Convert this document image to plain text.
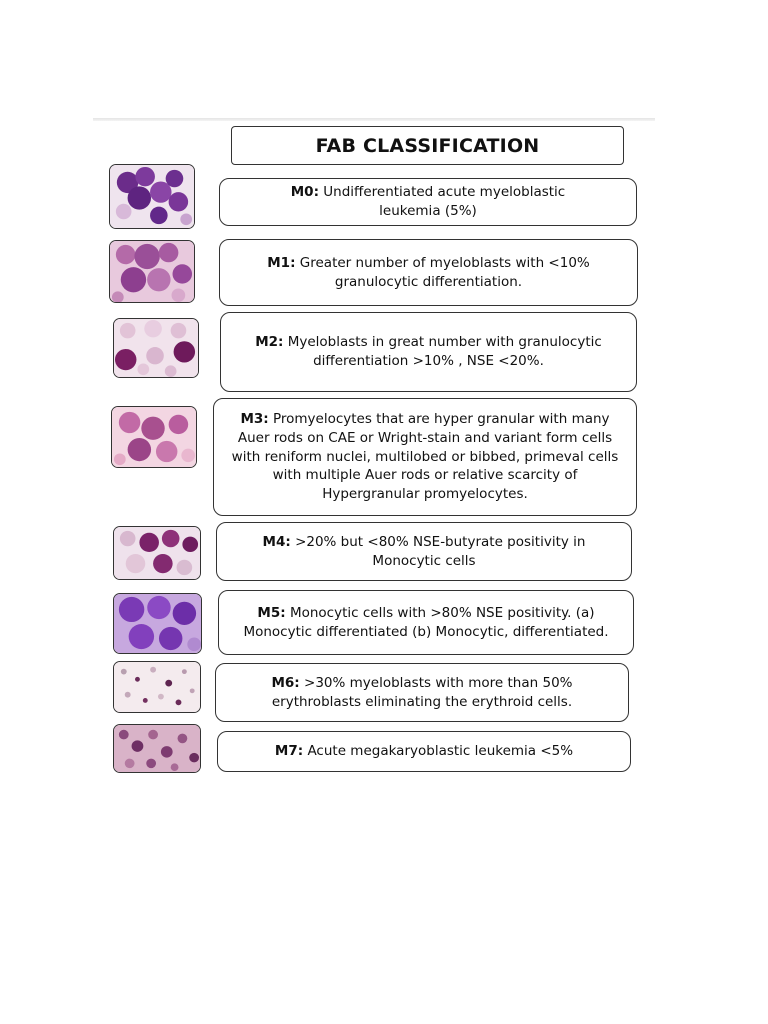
FAB CLASSIFICATION
M0: Undifferentiated acute myeloblastic leukemia (5%)
M1: Greater number of myeloblasts with <10% granulocytic differentiation.
M2: Myeloblasts in great number with granulocytic differentiation >10% , NSE <20%.
M3: Promyelocytes that are hyper granular with many Auer rods on CAE or Wright-stain and variant form cells with reniform nuclei, multilobed or bibbed, primeval cells with multiple Auer rods or relative scarcity of Hypergranular promyelocytes.
M4: >20% but <80% NSE-butyrate positivity in Monocytic cells
M5: Monocytic cells with >80% NSE positivity. (a) Monocytic differentiated (b) Monocytic, differentiated.
M6: >30% myeloblasts with more than 50% erythroblasts eliminating the erythroid cells.
M7: Acute megakaryoblastic leukemia <5%
